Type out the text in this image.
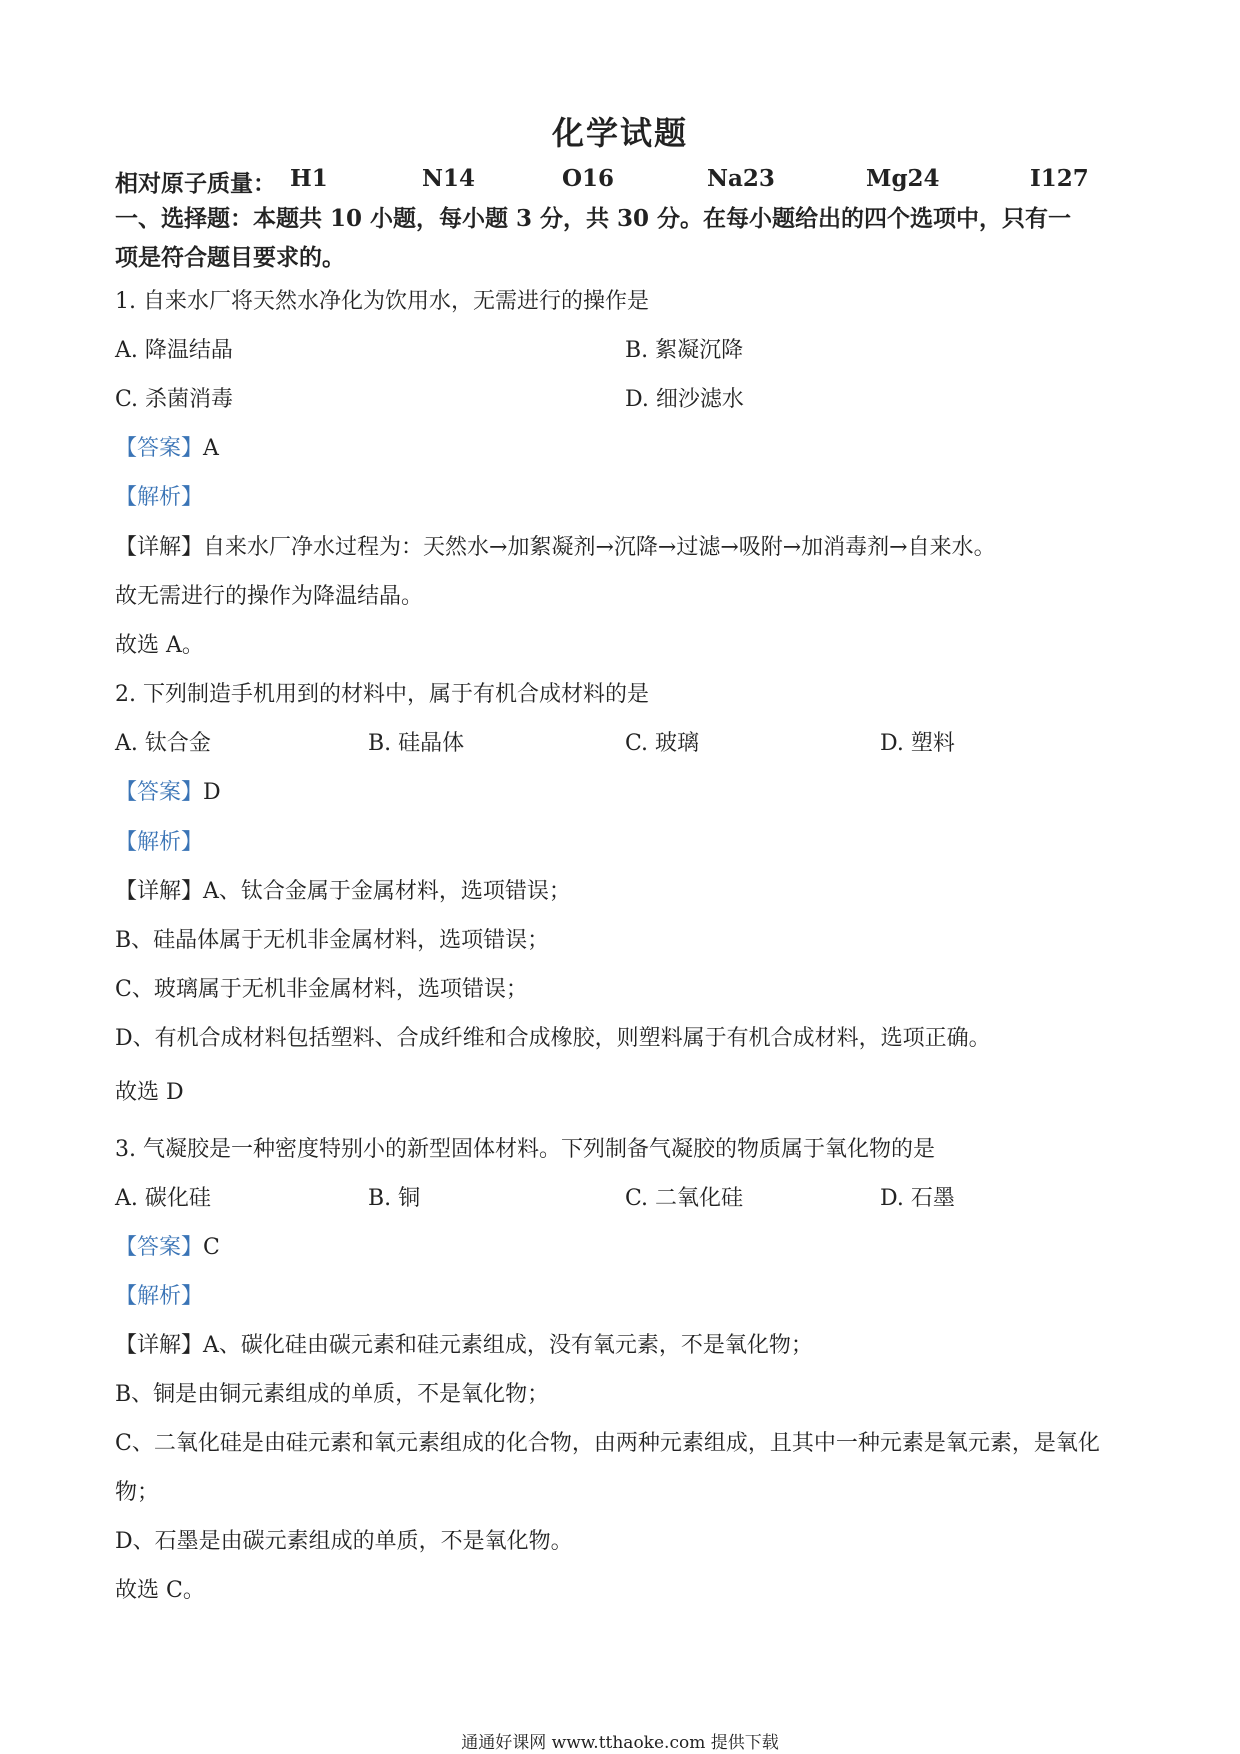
化学试题
相对原子质量： H1	N14	O16	Na23	Mg24	I127
一、选择题：本题共 10 小题，每小题 3 分，共 30 分。在每小题给出的四个选项中，只有一
项是符合题目要求的。
1. 自来水厂将天然水净化为饮用水，无需进行的操作是
A. 降温结晶	B. 絮凝沉降
C. 杀菌消毒	D. 细沙滤水
【答案】A
【解析】
【详解】自来水厂净水过程为：天然水→加絮凝剂→沉降→过滤→吸附→加消毒剂→自来水。
故无需进行的操作为降温结晶。
故选 A。
2. 下列制造手机用到的材料中，属于有机合成材料的是
A. 钛合金	B. 硅晶体	C. 玻璃	D. 塑料
【答案】D
【解析】
【详解】A、钛合金属于金属材料，选项错误；
B、硅晶体属于无机非金属材料，选项错误；
C、玻璃属于无机非金属材料，选项错误；
D、有机合成材料包括塑料、合成纤维和合成橡胶，则塑料属于有机合成材料，选项正确。
故选 D
3. 气凝胶是一种密度特别小的新型固体材料。下列制备气凝胶的物质属于氧化物的是
A. 碳化硅	B. 铜	C. 二氧化硅	D. 石墨
【答案】C
【解析】
【详解】A、碳化硅由碳元素和硅元素组成，没有氧元素，不是氧化物；
B、铜是由铜元素组成的单质，不是氧化物；
C、二氧化硅是由硅元素和氧元素组成的化合物，由两种元素组成，且其中一种元素是氧元素，是氧化
物；
D、石墨是由碳元素组成的单质，不是氧化物。
故选 C。
通通好课网 www.tthaoke.com 提供下载
